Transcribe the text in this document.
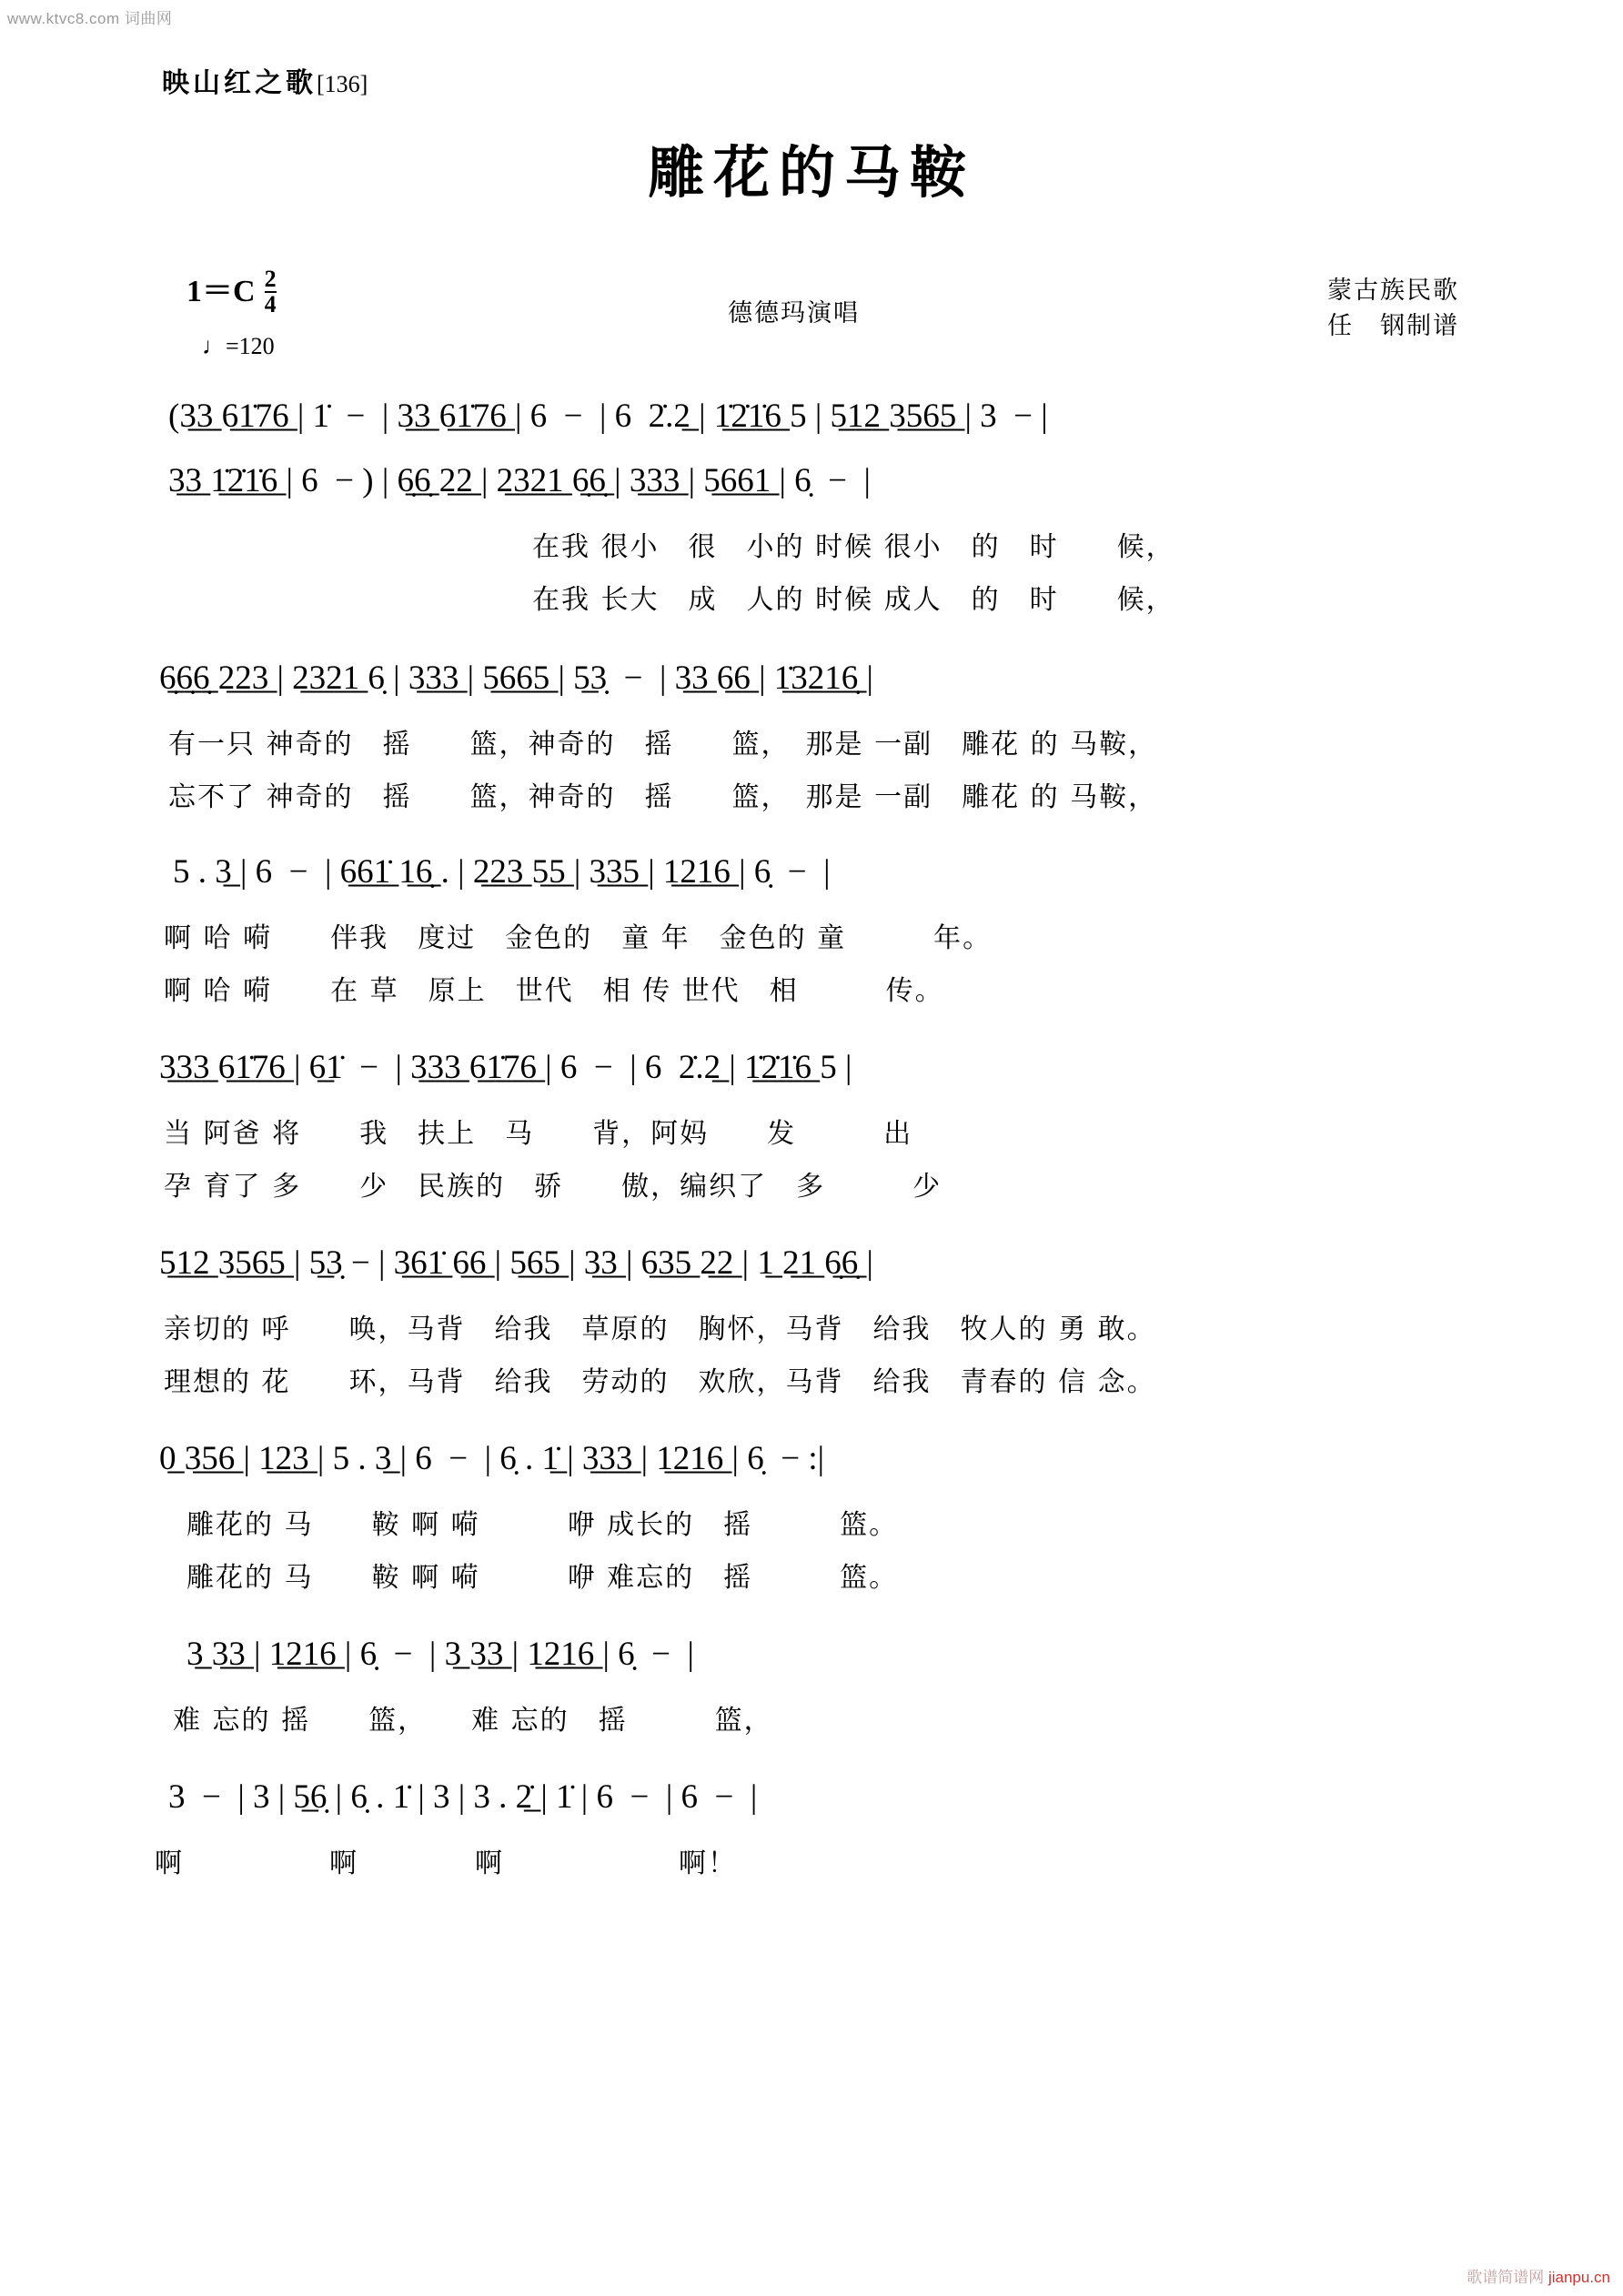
www.ktvc8.com 词曲网
映山红之歌[136]
雕花的马鞍
$1=C \frac{2}{4}$
♩=120
德德玛演唱
蒙古族民歌
任　钢制谱
(3̲3̲ 6̲1̲̇7̲6̲ | 1̇  −  | 3̲3̲ 6̲1̲̇7̲6̲ | 6  −  | 6  2̇.2̲ | 1̲̇2̲̇1̲̇6̲ 5 | 5̲1̲2̲ 3̲5̲6̲5̲ | 3  − |
3̲3̲ 1̲̇2̲̇1̲̇6̲ | 6  − ) | 6̣̲6̣̲ 2̲2̲ | 2̲3̲2̲1̲ 6̣̲6̣̲ | 3̲3̲3̲ | 5̲6̲6̲1̲ | 6̣  −  |
在我 很小　很　小的 时候 很小　的　时　　候，
在我 长大　成　人的 时候 成人　的　时　　候，
6̣̲6̣̲6̣̲ 2̲2̲3̲ | 2̲3̲2̲1̲ 6̣ | 3̲3̲3̲ | 5̲6̲6̲5̲ | 5̲3̣  −  | 3̲3̲ 6̲6̲ | 1̲̇3̲2̲1̲6̣̲ |
有一只 神奇的　摇　　篮，神奇的　摇　　篮，　那是 一副　雕花 的 马鞍，
忘不了 神奇的　摇　　篮，神奇的　摇　　篮，　那是 一副　雕花 的 马鞍，
5 . 3̲ | 6  −  | 6̲6̲1̲̇ 1̲6̣̲ . | 2̲2̲3̲ 5̲5̲ | 3̲3̲5̲ | 1̲2̲1̲6̲ | 6̣  −  |
啊 哈 嗬　　伴我　度过　金色的　童 年　金色的 童　　　年。
啊 哈 嗬　　在 草　原上　世代　相 传 世代　相　　　传。
3̲3̲3̲ 6̲1̲̇7̲6̲ | 6̲1̇  −  | 3̲3̲3̲ 6̲1̲̇7̲6̲ | 6  −  | 6  2̇.2̲ | 1̲̇2̲̇1̲̇6̲ 5 |
当 阿爸 将　　我　扶上　马　　背，阿妈　　发　　　出
孕 育了 多　　少　民族的　骄　　傲，编织了　多　　　少
5̲1̲2̲ 3̲5̲6̲5̲ | 5̲3̣ − | 3̲6̲1̲̇ 6̲6̲ | 5̲6̲5̲ | 3̲3̲ | 6̲3̲5̲ 2̲2̲ | 1̲ 2̲1̲ 6̣̲6̣̲ |
亲切的 呼　　唤，马背　给我　草原的　胸怀，马背　给我　牧人的 勇 敢。
理想的 花　　环，马背　给我　劳动的　欢欣，马背　给我　青春的 信 念。
0̲ 3̲5̲6̲ | 1̲2̲3̲ | 5 . 3̲ | 6  −  | 6̣ . 1̲̇ | 3̲3̲3̲ | 1̲2̲1̲6̲ | 6̣  − :|
雕花的 马　　鞍 啊 嗬　　　咿 成长的　摇　　　篮。
雕花的 马　　鞍 啊 嗬　　　咿 难忘的　摇　　　篮。
3̲ 3̲3̲ | 1̲2̲1̲6̲ | 6̣  −  | 3̲ 3̲3̲ | 1̲2̲1̲6̲ | 6̣  −  |
难 忘的 摇　　篮，　　难 忘的　摇　　　篮，
3  −  | 3 | 5̲6̣ | 6̣ . 1̇ | 3 | 3 . 2̲̇ | 1̇ | 6  −  | 6  −  |
啊　　　　　啊　　　　啊　　　　　　啊！
歌谱简谱网 jianpu.cn
